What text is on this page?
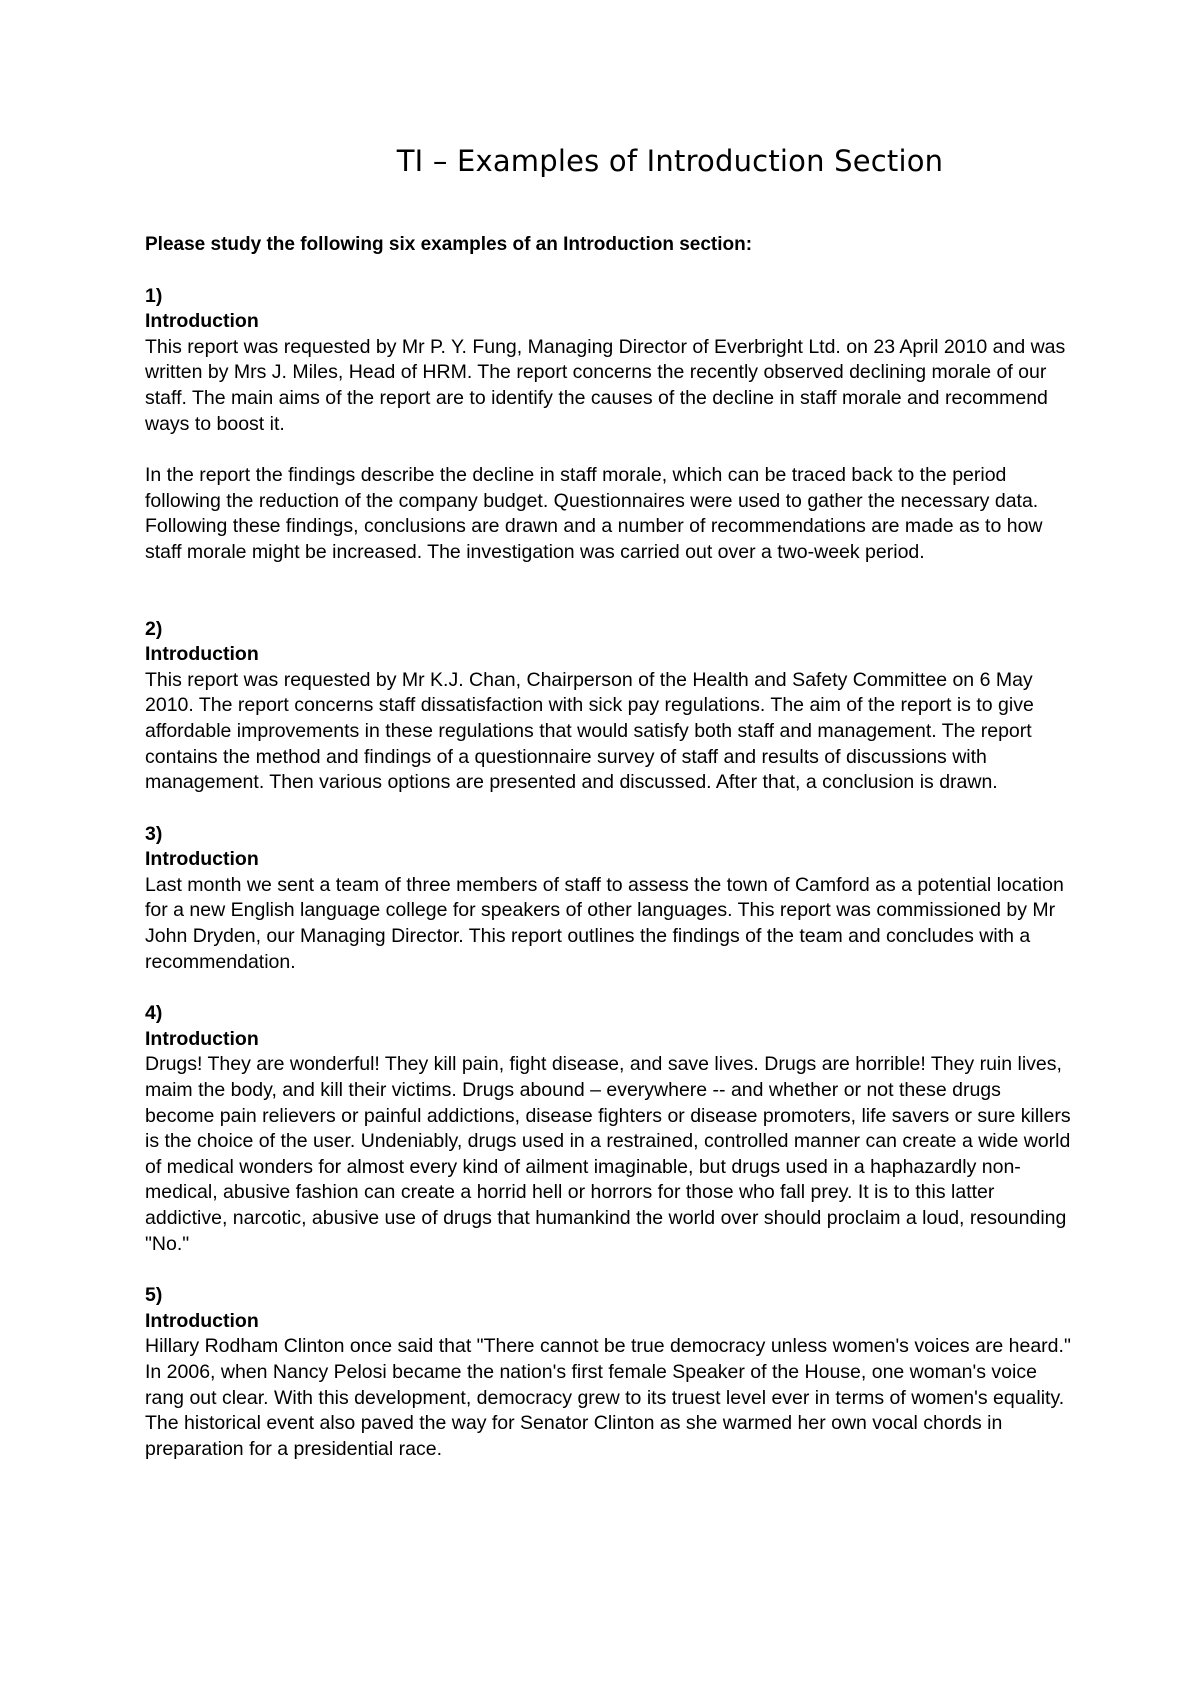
TI – Examples of Introduction Section

Please study the following six examples of an Introduction section:

1)

Introduction

This report was requested by Mr P. Y. Fung, Managing Director of Everbright Ltd. on 23 April 2010 and was written by Mrs J. Miles, Head of HRM. The report concerns the recently observed declining morale of our staff. The main aims of the report are to identify the causes of the decline in staff morale and recommend ways to boost it.

In the report the findings describe the decline in staff morale, which can be traced back to the period following the reduction of the company budget. Questionnaires were used to gather the necessary data. Following these findings, conclusions are drawn and a number of recommendations are made as to how staff morale might be increased. The investigation was carried out over a two-week period.

2)

Introduction

This report was requested by Mr K.J. Chan, Chairperson of the Health and Safety Committee on 6 May 2010. The report concerns staff dissatisfaction with sick pay regulations. The aim of the report is to give affordable improvements in these regulations that would satisfy both staff and management. The report contains the method and findings of a questionnaire survey of staff and results of discussions with management. Then various options are presented and discussed. After that, a conclusion is drawn.

3)

Introduction

Last month we sent a team of three members of staff to assess the town of Camford as a potential location for a new English language college for speakers of other languages. This report was commissioned by Mr John Dryden, our Managing Director. This report outlines the findings of the team and concludes with a recommendation.

4)

Introduction

Drugs! They are wonderful! They kill pain, fight disease, and save lives. Drugs are horrible! They ruin lives, maim the body, and kill their victims. Drugs abound – everywhere -- and whether or not these drugs become pain relievers or painful addictions, disease fighters or disease promoters, life savers or sure killers is the choice of the user. Undeniably, drugs used in a restrained, controlled manner can create a wide world of medical wonders for almost every kind of ailment imaginable, but drugs used in a haphazardly non-medical, abusive fashion can create a horrid hell or horrors for those who fall prey. It is to this latter addictive, narcotic, abusive use of drugs that humankind the world over should proclaim a loud, resounding "No."

5)

Introduction

Hillary Rodham Clinton once said that "There cannot be true democracy unless women's voices are heard." In 2006, when Nancy Pelosi became the nation's first female Speaker of the House, one woman's voice rang out clear. With this development, democracy grew to its truest level ever in terms of women's equality. The historical event also paved the way for Senator Clinton as she warmed her own vocal chords in preparation for a presidential race.
